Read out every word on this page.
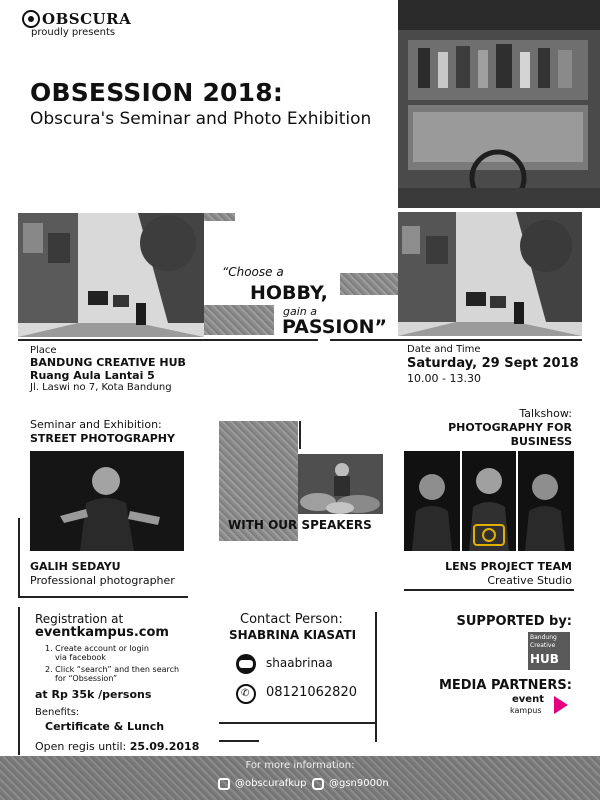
OBSCURA
proudly presents
OBSESSION 2018:
Obscura's Seminar and Photo Exhibition
“Choose a
HOBBY,
gain a
PASSION”
Place
BANDUNG CREATIVE HUB
Ruang Aula Lantai 5
Jl. Laswi no 7, Kota Bandung
Date and Time
Saturday, 29 Sept 2018
10.00 - 13.30
Seminar and Exhibition:
STREET PHOTOGRAPHY
GALIH SEDAYU
Professional photographer
WITH OUR SPEAKERS
Talkshow:
PHOTOGRAPHY FOR
BUSINESS
LENS PROJECT TEAM
Creative Studio
Registration at
eventkampus.com
1. Create account or login
via facebook
2. Click “search” and then search
for “Obsession”
at Rp 35k /persons
Benefits:
Certificate & Lunch
Open regis until: 25.09.2018
Contact Person:
SHABRINA KIASATI
shaabrinaa
✆ 08121062820
SUPPORTED by:
Bandung
Creative
HUB
MEDIA PARTNERS:
event
kampus
For more information:
@obscurafkup @gsn9000n
